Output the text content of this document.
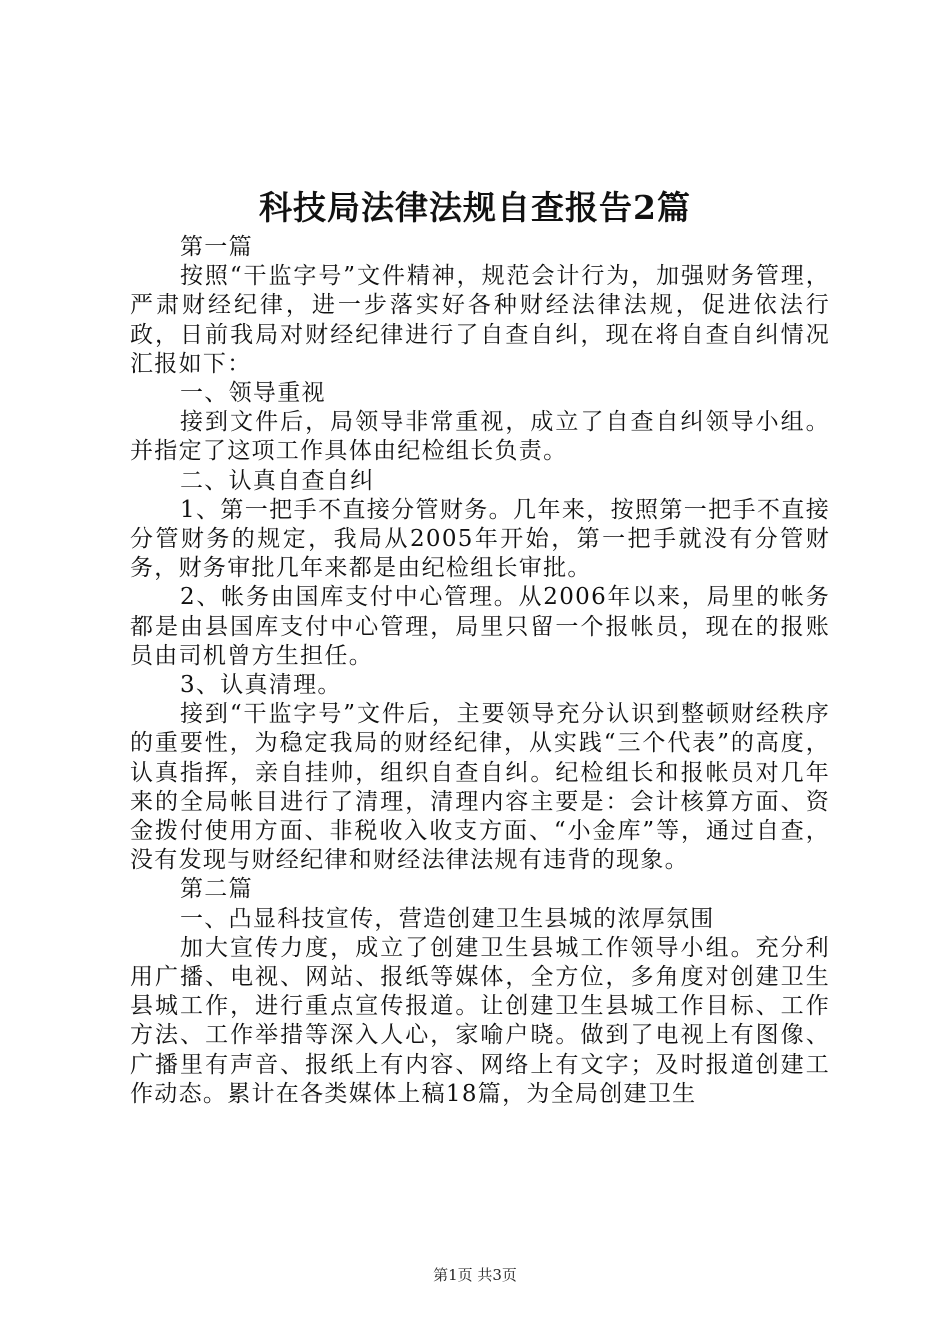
科技局法律法规自查报告2篇

第一篇

按照“干监字号”文件精神，规范会计行为，加强财务管理，严肃财经纪律，进一步落实好各种财经法律法规，促进依法行政，日前我局对财经纪律进行了自查自纠，现在将自查自纠情况汇报如下：

一、领导重视

接到文件后，局领导非常重视，成立了自查自纠领导小组。并指定了这项工作具体由纪检组长负责。

二、认真自查自纠

1、第一把手不直接分管财务。几年来，按照第一把手不直接分管财务的规定，我局从2005年开始，第一把手就没有分管财务，财务审批几年来都是由纪检组长审批。

2、帐务由国库支付中心管理。从2006年以来，局里的帐务都是由县国库支付中心管理，局里只留一个报帐员，现在的报账员由司机曾方生担任。

3、认真清理。

接到“干监字号”文件后，主要领导充分认识到整顿财经秩序的重要性，为稳定我局的财经纪律，从实践“三个代表”的高度，认真指挥，亲自挂帅，组织自查自纠。纪检组长和报帐员对几年来的全局帐目进行了清理，清理内容主要是：会计核算方面、资金拨付使用方面、非税收入收支方面、“小金库”等，通过自查，没有发现与财经纪律和财经法律法规有违背的现象。

第二篇

一、凸显科技宣传，营造创建卫生县城的浓厚氛围

加大宣传力度，成立了创建卫生县城工作领导小组。充分利用广播、电视、网站、报纸等媒体，全方位，多角度对创建卫生县城工作，进行重点宣传报道。让创建卫生县城工作目标、工作方法、工作举措等深入人心，家喻户晓。做到了电视上有图像、广播里有声音、报纸上有内容、网络上有文字；及时报道创建工作动态。累计在各类媒体上稿18篇，为全局创建卫生

第1页 共3页
